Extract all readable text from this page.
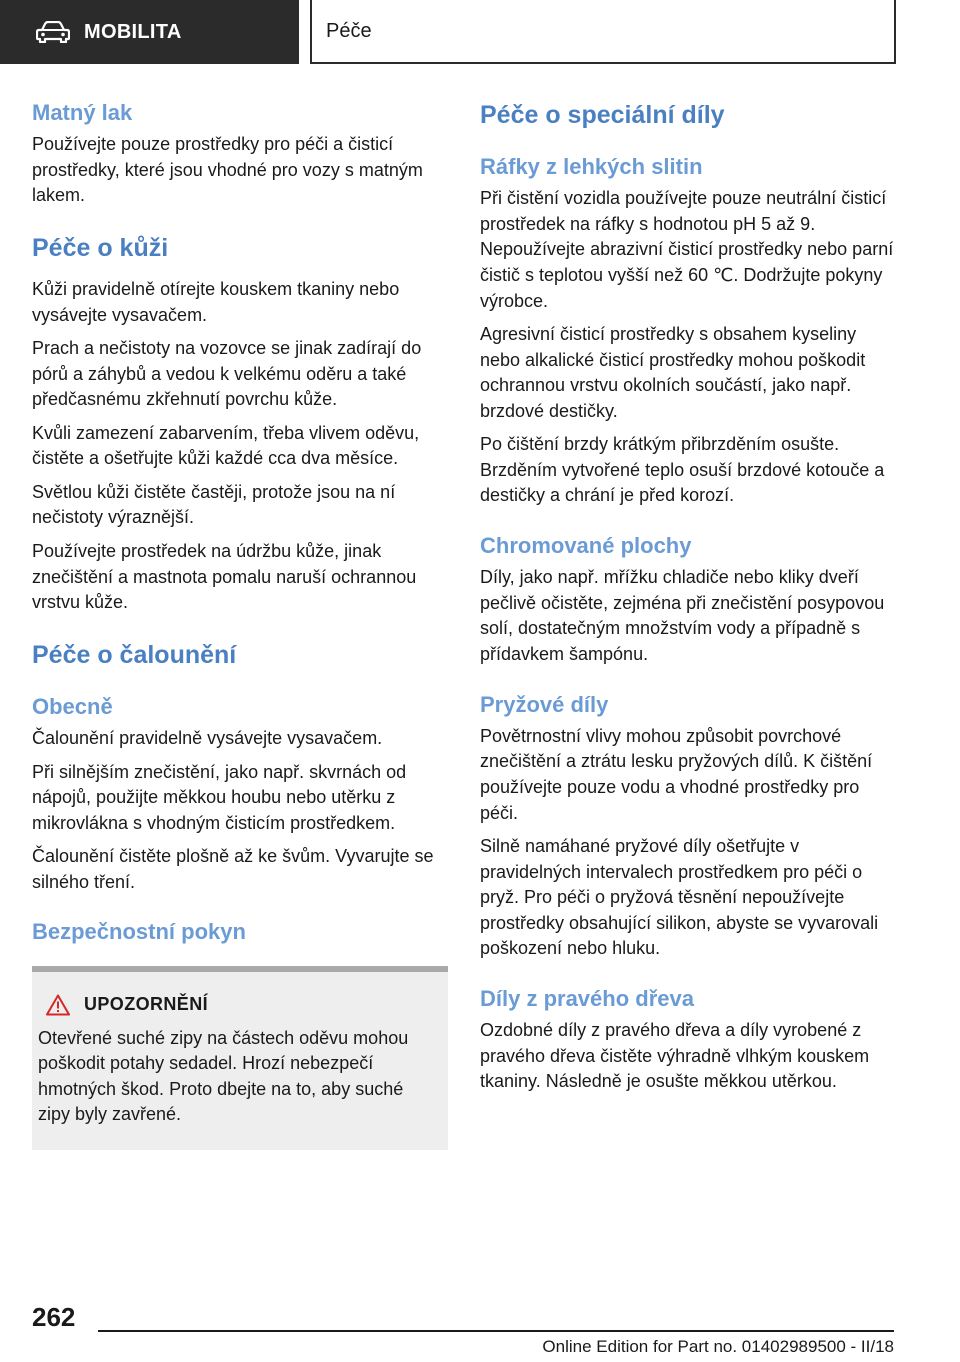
MOBILITA	Péče
Matný lak

Používejte pouze prostředky pro péči a čisticí prostředky, které jsou vhodné pro vozy s matným lakem.

Péče o kůži

Kůži pravidelně otírejte kouskem tkaniny nebo vysávejte vysavačem.

Prach a nečistoty na vozovce se jinak zadírají do pórů a záhybů a vedou k velkému oděru a také předčasnému zkřehnutí povrchu kůže.

Kvůli zamezení zabarvením, třeba vlivem oděvu, čistěte a ošetřujte kůži každé cca dva měsíce.

Světlou kůži čistěte častěji, protože jsou na ní nečistoty výraznější.

Používejte prostředek na údržbu kůže, jinak znečištění a mastnota pomalu naruší ochrannou vrstvu kůže.

Péče o čalounění
Obecně

Čalounění pravidelně vysávejte vysavačem.

Při silnějším znečistění, jako např. skvrnách od nápojů, použijte měkkou houbu nebo utěrku z mikrovlákna s vhodným čisticím prostředkem.

Čalounění čistěte plošně až ke švům. Vyvarujte se silného tření.

Bezpečnostní pokyn
UPOZORNĚNÍ

Otevřené suché zipy na částech oděvu mohou poškodit potahy sedadel. Hrozí nebezpečí hmotných škod. Proto dbejte na to, aby suché zipy byly zavřené.

Péče o speciální díly
Ráfky z lehkých slitin

Při čistění vozidla používejte pouze neutrální čisticí prostředek na ráfky s hodnotou pH 5 až 9. Nepoužívejte abrazivní čisticí prostředky nebo parní čistič s teplotou vyšší než 60 ℃. Dodržujte pokyny výrobce.

Agresivní čisticí prostředky s obsahem kyseliny nebo alkalické čisticí prostředky mohou poškodit ochrannou vrstvu okolních součástí, jako např. brzdové destičky.

Po čištění brzdy krátkým přibrzděním osušte. Brzděním vytvořené teplo osuší brzdové kotouče a destičky a chrání je před korozí.

Chromované plochy

Díly, jako např. mřížku chladiče nebo kliky dveří pečlivě očistěte, zejména při znečistění posypovou solí, dostatečným množstvím vody a případně s přídavkem šampónu.

Pryžové díly

Povětrnostní vlivy mohou způsobit povrchové znečištění a ztrátu lesku pryžových dílů. K čištění používejte pouze vodu a vhodné prostředky pro péči.

Silně namáhané pryžové díly ošetřujte v pravidelných intervalech prostředkem pro péči o pryž. Pro péči o pryžová těsnění nepoužívejte prostředky obsahující silikon, abyste se vyvarovali poškození nebo hluku.

Díly z pravého dřeva

Ozdobné díly z pravého dřeva a díly vyrobené z pravého dřeva čistěte výhradně vlhkým kouskem tkaniny. Následně je osušte měkkou utěrkou.

262
Online Edition for Part no. 01402989500 - II/18
